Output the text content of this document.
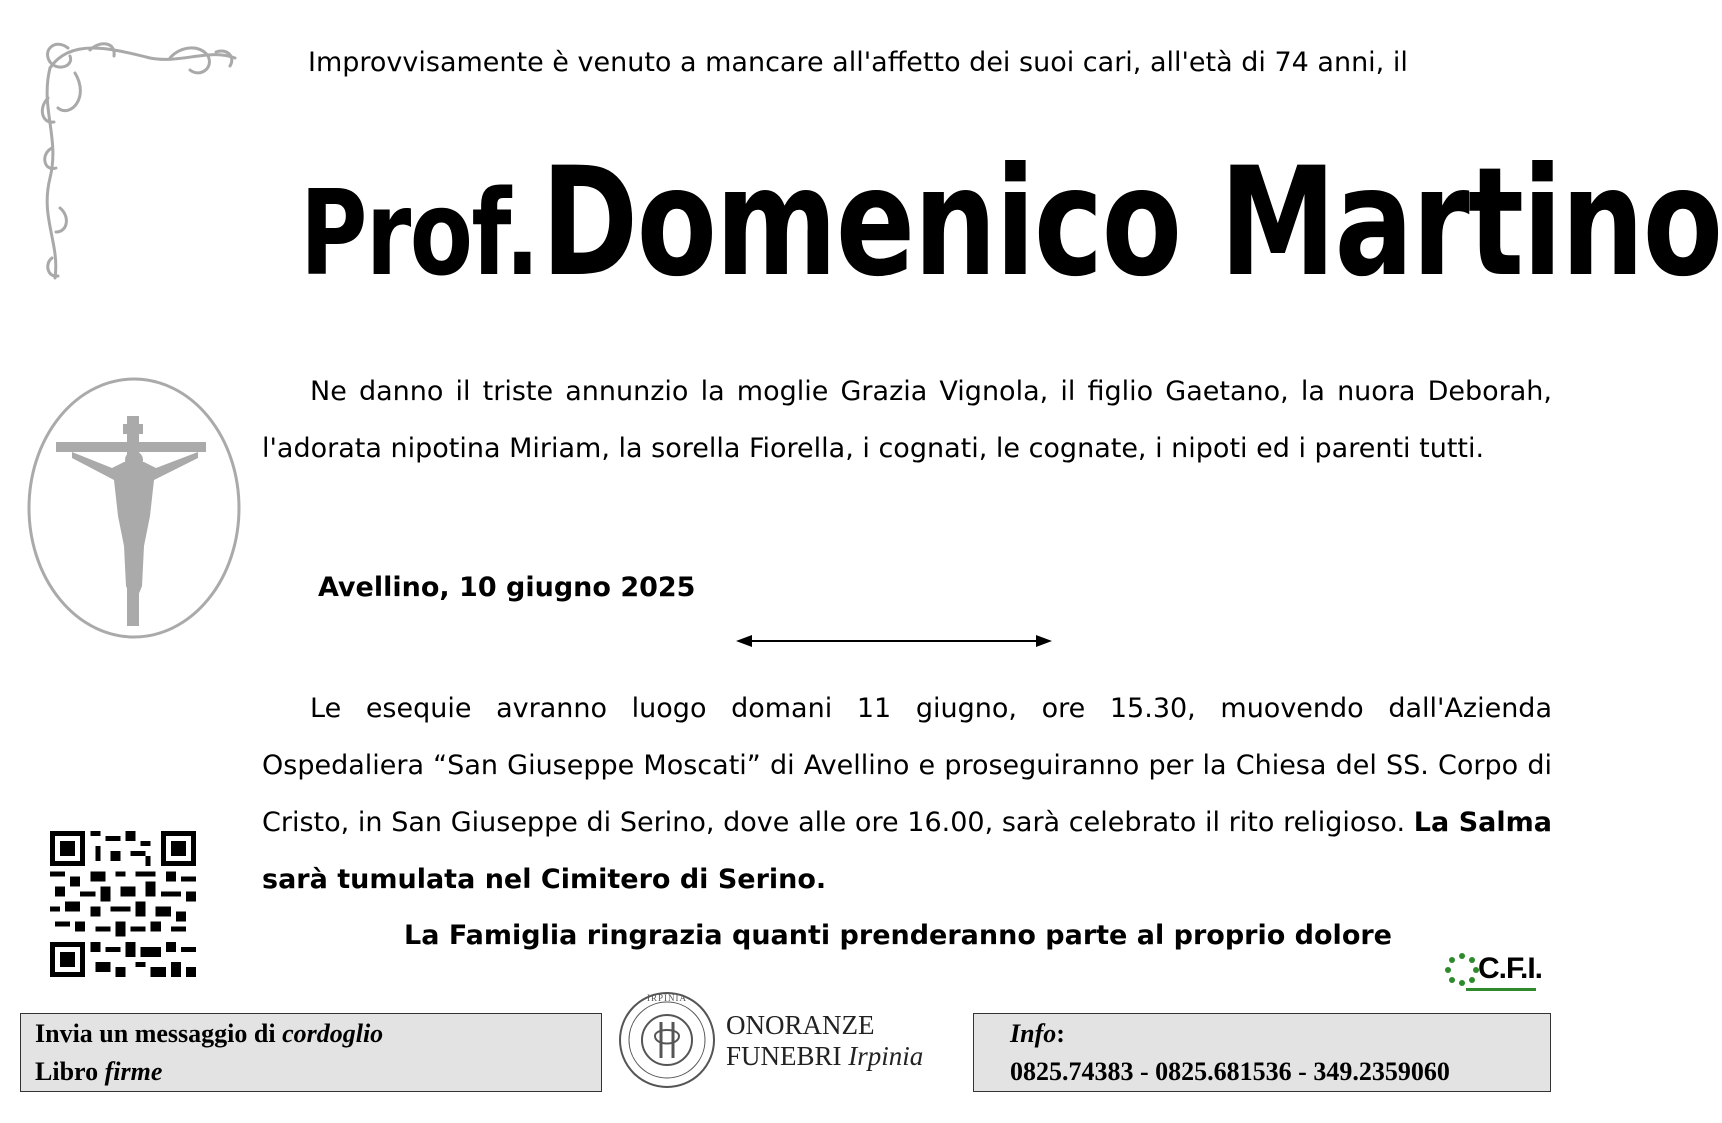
Improvvisamente è venuto a mancare all'affetto dei suoi cari, all'età di 74 anni, il
Prof. Domenico Martino
Ne danno il triste annunzio la moglie Grazia Vignola, il figlio Gaetano, la nuora Deborah, l'adorata nipotina Miriam, la sorella Fiorella, i cognati, le cognate, i nipoti ed i parenti tutti.
Avellino, 10 giugno 2025
Le esequie avranno luogo domani 11 giugno, ore 15.30, muovendo dall'Azienda Ospedaliera “San Giuseppe Moscati” di Avellino e proseguiranno per la Chiesa del SS. Corpo di Cristo, in San Giuseppe di Serino, dove alle ore 16.00, sarà celebrato il rito religioso. La Salma sarà tumulata nel Cimitero di Serino.
La Famiglia ringrazia quanti prenderanno parte al proprio dolore
C.F.I.
Invia un messaggio di cordoglio
Libro firme
IRPINIA
ONORANZE
FUNEBRI Irpinia
Info:
0825.74383 - 0825.681536 - 349.2359060
